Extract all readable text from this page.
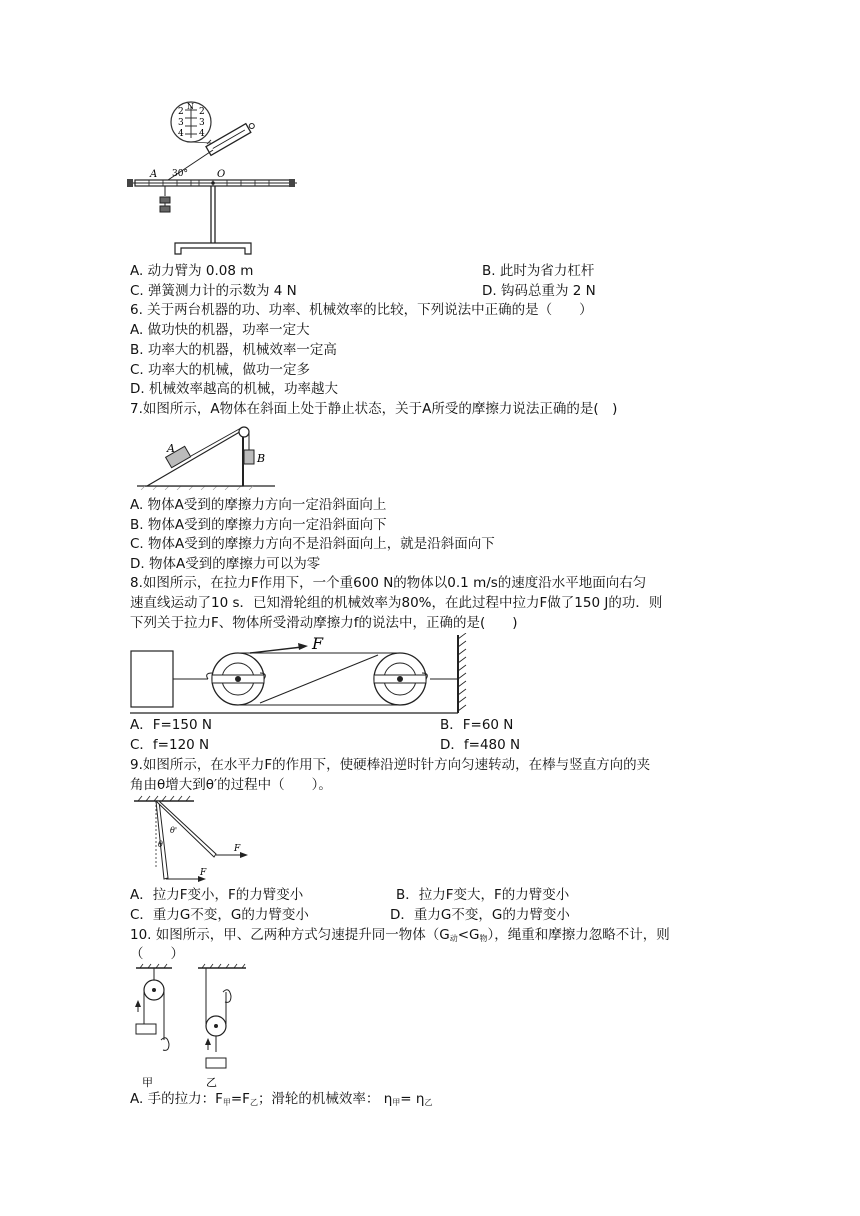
2
N
2
3 3
4 4
A 30°	O
A. 动力臂为 0.08 m	B. 此时为省力杠杆
C. 弹簧测力计的示数为 4 N	D. 钩码总重为 2 N
6. 关于两台机器的功、功率、机械效率的比较，下列说法中正确的是（　　）
A. 做功快的机器，功率一定大
B. 功率大的机器，机械效率一定高
C. 功率大的机械，做功一定多
D. 机械效率越高的机械，功率越大
7.如图所示，A物体在斜面上处于静止状态，关于A所受的摩擦力说法正确的是(　)
A
B
A. 物体A受到的摩擦力方向一定沿斜面向上
B. 物体A受到的摩擦力方向一定沿斜面向下
C. 物体A受到的摩擦力方向不是沿斜面向上，就是沿斜面向下
D. 物体A受到的摩擦力可以为零
8.如图所示，在拉力F作用下，一个重600 N的物体以0.1 m/s的速度沿水平地面向右匀
速直线运动了10 s．已知滑轮组的机械效率为80%，在此过程中拉力F做了150 J的功．则
下列关于拉力F、物体所受滑动摩擦力f的说法中，正确的是(　　)
F
A．F=150 N	B．F=60 N
C．f=120 N	D．f=480 N
9.如图所示，在水平力F的作用下，使硬棒沿逆时针方向匀速转动，在棒与竖直方向的夹
角由θ增大到θ′的过程中（　　）。
θ
θ'
F
F
A．拉力F变小，F的力臂变小	B．拉力F变大，F的力臂变小
C．重力G不变，G的力臂变小	D．重力G不变，G的力臂变小
10. 如图所示，甲、乙两种方式匀速提升同一物体$(G_动<G_物)$，绳重和摩擦力忽略不计，则
（　　）
甲	乙
A. 手的拉力：$F_甲=F_乙$；滑轮的机械效率： $\eta_甲= \eta_乙$
